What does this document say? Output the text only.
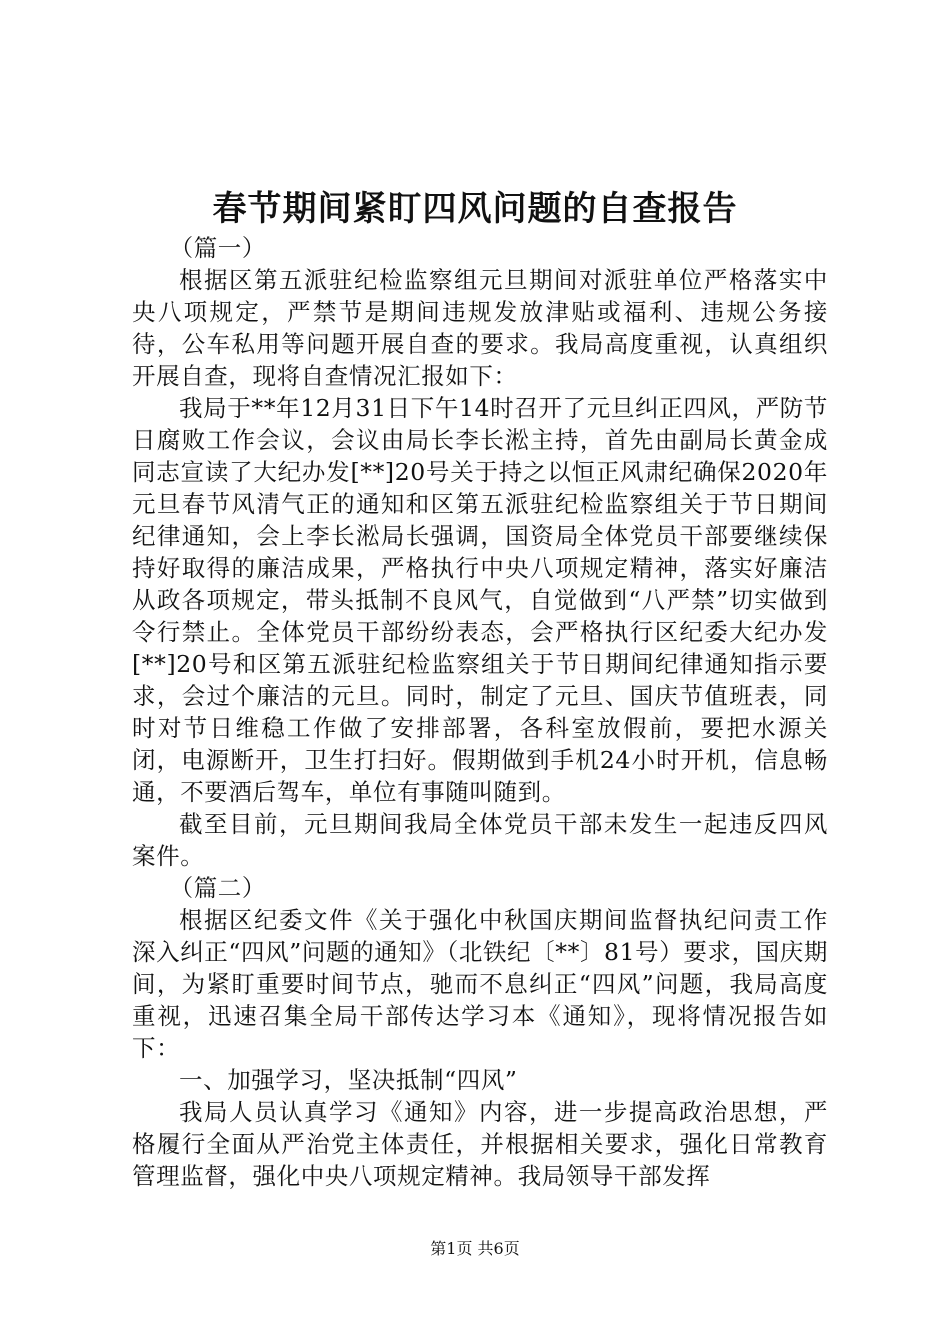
春节期间紧盯四风问题的自查报告

（篇一）

根据区第五派驻纪检监察组元旦期间对派驻单位严格落实中央八项规定，严禁节是期间违规发放津贴或福利、违规公务接待，公车私用等问题开展自查的要求。我局高度重视，认真组织开展自查，现将自查情况汇报如下：

我局于**年12月31日下午14时召开了元旦纠正四风，严防节日腐败工作会议，会议由局长李长淞主持，首先由副局长黄金成同志宣读了大纪办发[**]20号关于持之以恒正风肃纪确保2020年元旦春节风清气正的通知和区第五派驻纪检监察组关于节日期间纪律通知，会上李长淞局长强调，国资局全体党员干部要继续保持好取得的廉洁成果，严格执行中央八项规定精神，落实好廉洁从政各项规定，带头抵制不良风气，自觉做到“八严禁”切实做到令行禁止。全体党员干部纷纷表态，会严格执行区纪委大纪办发[**]20号和区第五派驻纪检监察组关于节日期间纪律通知指示要求，会过个廉洁的元旦。同时，制定了元旦、国庆节值班表，同时对节日维稳工作做了安排部署，各科室放假前，要把水源关闭，电源断开，卫生打扫好。假期做到手机24小时开机，信息畅通，不要酒后驾车，单位有事随叫随到。

截至目前，元旦期间我局全体党员干部未发生一起违反四风案件。

（篇二）

根据区纪委文件《关于强化中秋国庆期间监督执纪问责工作深入纠正“四风”问题的通知》（北铁纪〔**〕81号）要求，国庆期间，为紧盯重要时间节点，驰而不息纠正“四风”问题，我局高度重视，迅速召集全局干部传达学习本《通知》，现将情况报告如下：

一、加强学习，坚决抵制“四风”

我局人员认真学习《通知》内容，进一步提高政治思想，严格履行全面从严治党主体责任，并根据相关要求，强化日常教育管理监督，强化中央八项规定精神。我局领导干部发挥

第1页 共6页
